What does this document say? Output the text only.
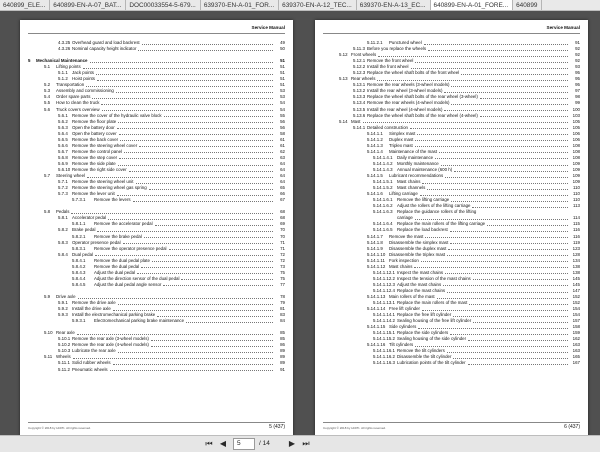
640899_ELE...	640899-EN-A-07_BAT...	DOC00033554-5-679...	639370-EN-A-01_FOR...	639370-EN-A-12_TEC...	639370-EN-A-13_EC...	640899-EN-A-01_FORE...	640899
Service Manual
4.3.25 Overhead guard and load backrest	49
4.3.26 Nominal capacity height indicator	50
5 Mechanical Maintenance	51
5.1 Lifting points	51
5.1.1 Jack points	51
5.1.2 Hoist points	51
5.2 Transportation	51
5.3 Assembly and commissioning	53
5.4 Order spare parts	53
5.5 How to clean the truck	54
5.6 Truck covers overview	54
5.6.1 Remove the cover of the hydraulic valve block	55
5.6.2 Remove the floor plate	56
5.6.3 Open the battery door	56
5.6.4 Open the battery cover	58
5.6.5 Remove the back cover	61
5.6.6 Remove the steering wheel cover	61
5.6.7 Remove the control panel	62
5.6.8 Remove the step cover	63
5.6.9 Remove the side plate	64
5.6.10 Remove the right side cover	64
5.7 Steering wheel	64
5.7.1 Remove the steering wheel unit	64
5.7.2 Remove the steering wheel gas spring	65
5.7.3 Remove the lever unit	66
5.7.3.1 Remove the levers	67
5.8 Pedals	68
5.8.1 Accelerator pedal	68
5.8.1.1 Remove the accelerator pedal	69
5.8.2 Brake pedal	70
5.8.2.1 Remove the brake pedal	70
5.8.3 Operator presence pedal	71
5.8.3.1 Remove the operator presence pedal	71
5.8.4 Dual pedal	72
5.8.4.1 Remove the dual pedal plate	72
5.8.4.2 Remove the dual pedal	73
5.8.4.3 Adjust the dual pedal	75
5.8.4.4 Adjust the direction sensor of the dual pedal	75
5.8.4.5 Adjust the dual pedal angle sensor	77
5.9 Drive axle	78
5.9.1 Remove the drive axle	79
5.9.2 Install the drive axle	81
5.9.3 Install the electromechanical parking brake	83
5.9.3.1 Electromechanical parking brake maintenance	84
5.10 Rear axle	85
5.10.1 Remove the rear axle (3-wheel models)	85
5.10.2 Remove the rear axle (4-wheel models)	86
5.10.3 Lubricate the rear axle	89
5.11 Wheels	89
5.11.1 Solid rubber wheels	89
5.11.2 Pneumatic wheels	91
Copyright © 2018 by HCPK. All rights reserved.	5 (437)
Service Manual
5.11.2.1 Punctured wheel	91
5.11.3 Before you replace the wheels	92
5.12 Front wheels	92
5.12.1 Remove the front wheel	92
5.12.2 Install the front wheel	93
5.12.3 Replace the wheel shaft bolts of the front wheel	95
5.13 Rear wheels	95
5.13.1 Remove the rear wheels (3-wheel models)	95
5.13.2 Install the rear wheel (3-wheel models)	97
5.13.3 Replace the wheel shaft bolts of the rear wheel (3-wheel)	98
5.13.4 Remove the rear wheels (4-wheel models)	99
5.13.5 Install the rear wheel (4-wheel models)	100
5.13.6 Replace the wheel shaft bolts of the rear wheel (4-wheel)	103
5.14 Mast	105
5.14.1 Detailed construction	105
5.14.1.1 Simplex mast	106
5.14.1.2 Duplex mast	106
5.14.1.3 Triplex mast	108
5.14.1.4 Maintenance of the mast	108
5.14.1.4.1 Daily maintenance	108
5.14.1.4.2 Monthly maintenance	109
5.14.1.4.3 Annual maintenance (600 h)	109
5.14.1.5 Lubricant recommendations	109
5.14.1.5.1 Mast chains	109
5.14.1.5.2 Mast channels	110
5.14.1.6 Lifting carriage	110
5.14.1.6.1 Remove the lifting carriage	110
5.14.1.6.2 Adjust the rollers of the lifting carriage	113
5.14.1.6.3 Replace the guidance rollers of the lifting
carriage	114
5.14.1.6.4 Replace the main rollers of the lifting carriage	115
5.14.1.6.5 Replace the load backrest	116
5.14.1.7 Remove the mast	116
5.14.1.8 Disassemble the simplex mast	119
5.14.1.9 Disassemble the duplex mast	123
5.14.1.10 Disassemble the triplex mast	128
5.14.1.11 Fork inspection	134
5.14.1.12 Mast chains	138
5.14.1.12.1 Inspect the mast chains	138
5.14.1.12.2 Inspect the tension of the mast chains	145
5.14.1.12.3 Adjust the mast chains	145
5.14.1.12.4 Replace the mast chains	147
5.14.1.13 Main rollers of the mast	152
5.14.1.13.1 Replace the main rollers of the mast	152
5.14.1.14 Free lift cylinder	154
5.14.1.14.1 Replace the free lift cylinder	154
5.14.1.14.2 Sealing housing of the free lift cylinder	157
5.14.1.15 Side cylinders	158
5.14.1.15.1 Replace the side cylinders	159
5.14.1.15.2 Sealing housing of the side cylinder	162
5.14.1.16 Tilt cylinders	163
5.14.1.16.1 Remove the tilt cylinders	163
5.14.1.16.2 Disassemble the tilt cylinder	165
5.14.1.16.3 Lubrication points of the tilt cylinder	167
Copyright © 2018 by HCPK. All rights reserved.	6 (437)
⏮ ◀	5	/ 14	▶ ⏭
